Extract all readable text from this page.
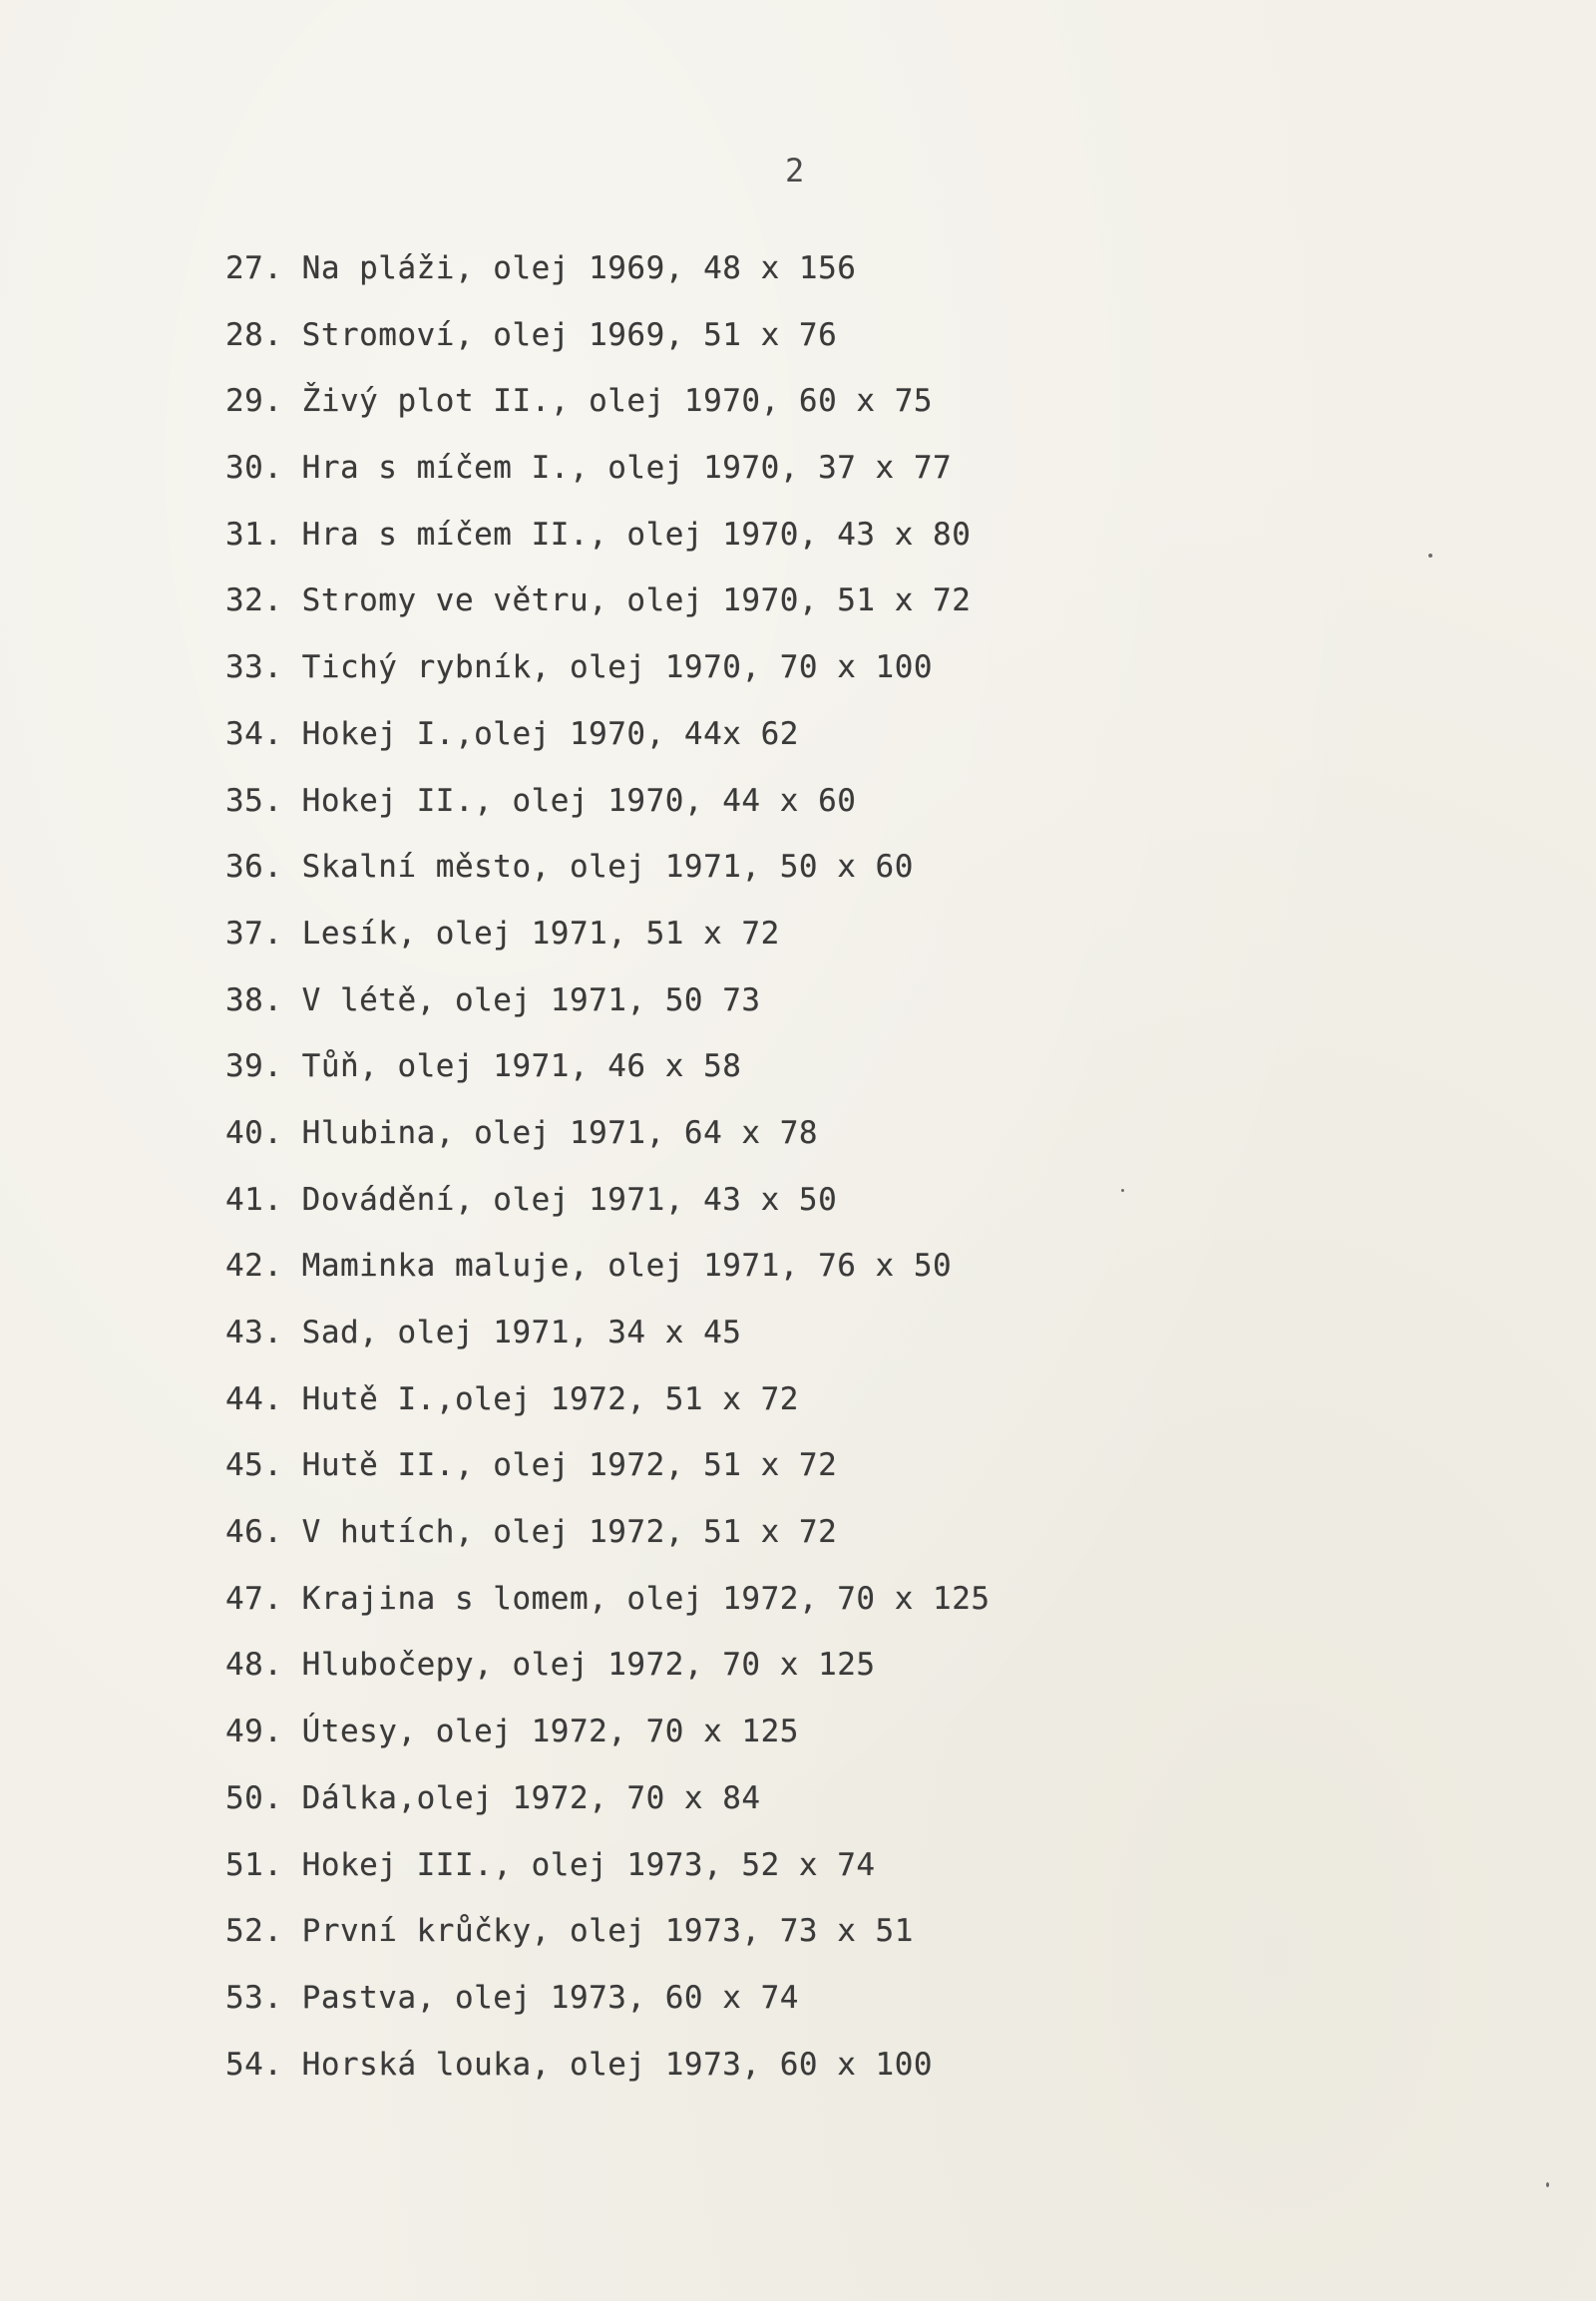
2
27. Na pláži, olej 1969, 48 x 156
28. Stromoví, olej 1969, 51 x 76
29. Živý plot II., olej 1970, 60 x 75
30. Hra s míčem I., olej 1970, 37 x 77
31. Hra s míčem II., olej 1970, 43 x 80
32. Stromy ve větru, olej 1970, 51 x 72
33. Tichý rybník, olej 1970, 70 x 100
34. Hokej I.,olej 1970, 44x 62
35. Hokej II., olej 1970, 44 x 60
36. Skalní město, olej 1971, 50 x 60
37. Lesík, olej 1971, 51 x 72
38. V létě, olej 1971, 50 73
39. Tůň, olej 1971, 46 x 58
40. Hlubina, olej 1971, 64 x 78
41. Dovádění, olej 1971, 43 x 50
42. Maminka maluje, olej 1971, 76 x 50
43. Sad, olej 1971, 34 x 45
44. Hutě I.,olej 1972, 51 x 72
45. Hutě II., olej 1972, 51 x 72
46. V hutích, olej 1972, 51 x 72
47. Krajina s lomem, olej 1972, 70 x 125
48. Hlubočepy, olej 1972, 70 x 125
49. Útesy, olej 1972, 70 x 125
50. Dálka,olej 1972, 70 x 84
51. Hokej III., olej 1973, 52 x 74
52. První krůčky, olej 1973, 73 x 51
53. Pastva, olej 1973, 60 x 74
54. Horská louka, olej 1973, 60 x 100
